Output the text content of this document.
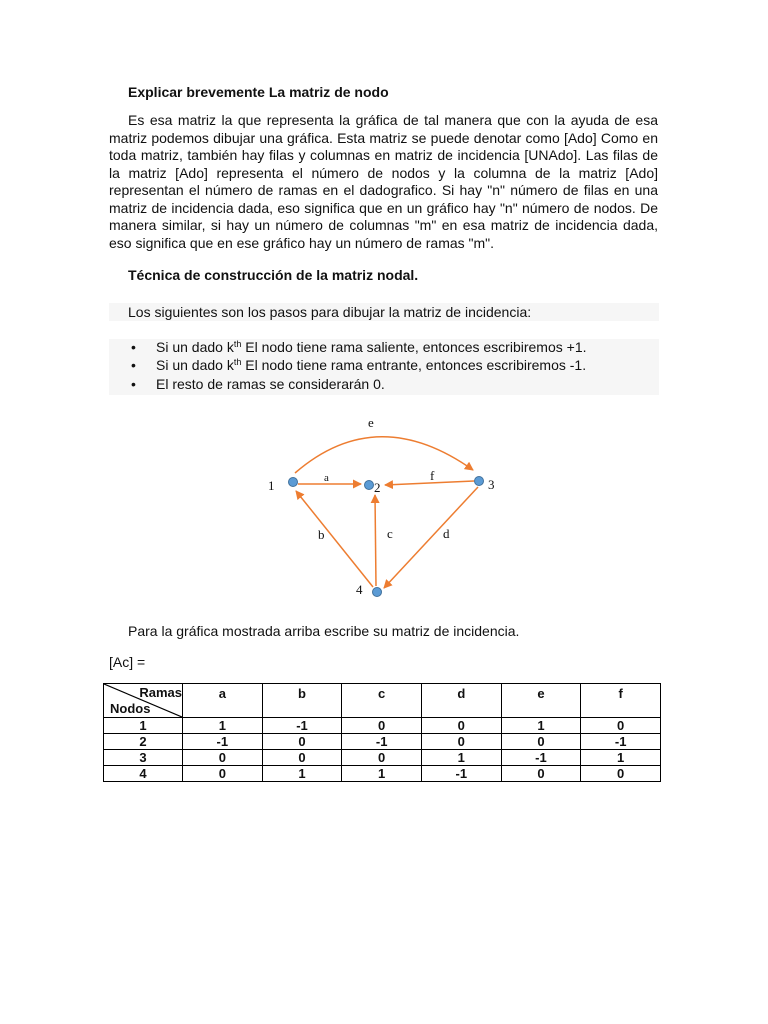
Explicar brevemente La matriz de nodo

Es esa matriz la que representa la gráfica de tal manera que con la ayuda de esa matriz podemos dibujar una gráfica. Esta matriz se puede denotar como [Ado] Como en toda matriz, también hay filas y columnas en matriz de incidencia [UNAdo]. Las filas de la matriz [Ado] representa el número de nodos y la columna de la matriz [Ado] representan el número de ramas en el dadografico. Si hay "n" número de filas en una matriz de incidencia dada, eso significa que en un gráfico hay "n" número de nodos. De manera similar, si hay un número de columnas "m" en esa matriz de incidencia dada, eso significa que en ese gráfico hay un número de ramas "m".

Técnica de construcción de la matriz nodal.
Los siguientes son los pasos para dibujar la matriz de incidencia:
• Si un dado $k^{th}$ El nodo tiene rama saliente, entonces escribiremos +1.
• Si un dado $k^{th}$ El nodo tiene rama entrante, entonces escribiremos -1.
• El resto de ramas se considerarán 0.
1	2	3
4
a
b	c	d
e
f

Para la gráfica mostrada arriba escribe su matriz de incidencia.

[Ac] =

Ramas
Nodos	a	b	c	d	e	f
1	1	-1	0	0	1	0
2	-1	0	-1	0	0	-1
3	0	0	0	1	-1	1
4	0	1	1	-1	0	0
